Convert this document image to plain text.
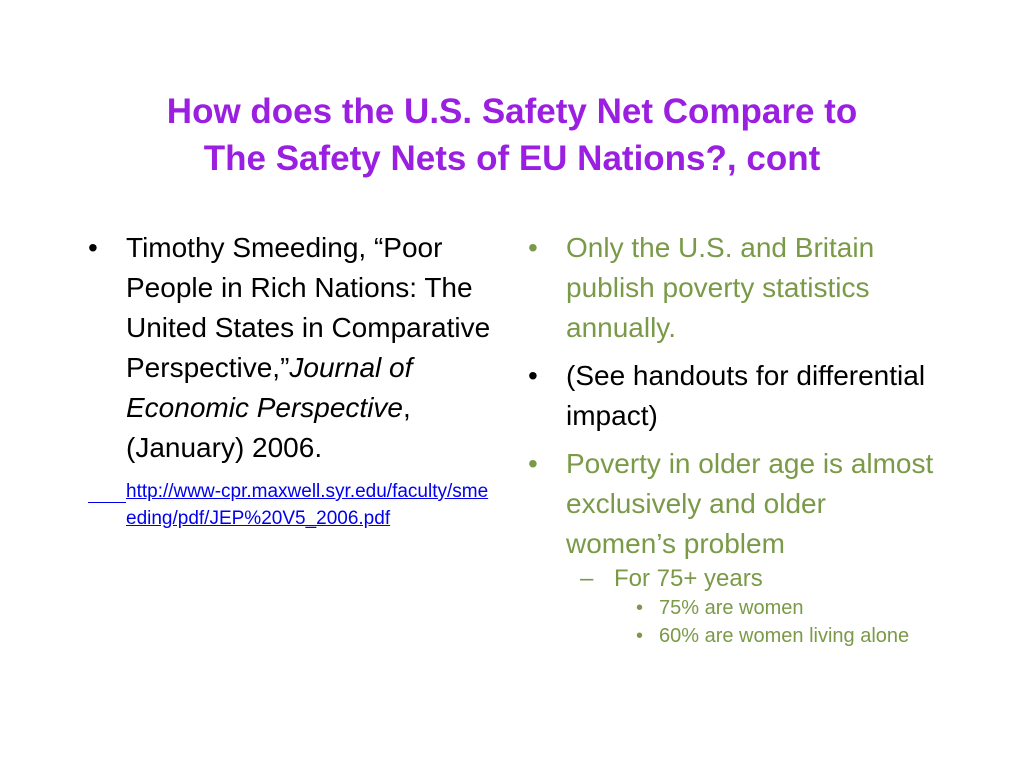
How does the U.S. Safety Net Compare to
The Safety Nets of EU Nations?, cont
• Timothy Smeeding, “Poor People in Rich Nations: The United States in Comparative Perspective,”Journal of Economic Perspective, (January) 2006.
http://www-cpr.maxwell.syr.edu/faculty/smeeding/pdf/JEP%20V5_2006.pdf
• Only the U.S. and Britain publish poverty statistics annually.
• (See handouts for differential impact)
• Poverty in older age is almost exclusively and older women’s problem
– For 75+ years
• 75% are women
• 60% are women living alone
